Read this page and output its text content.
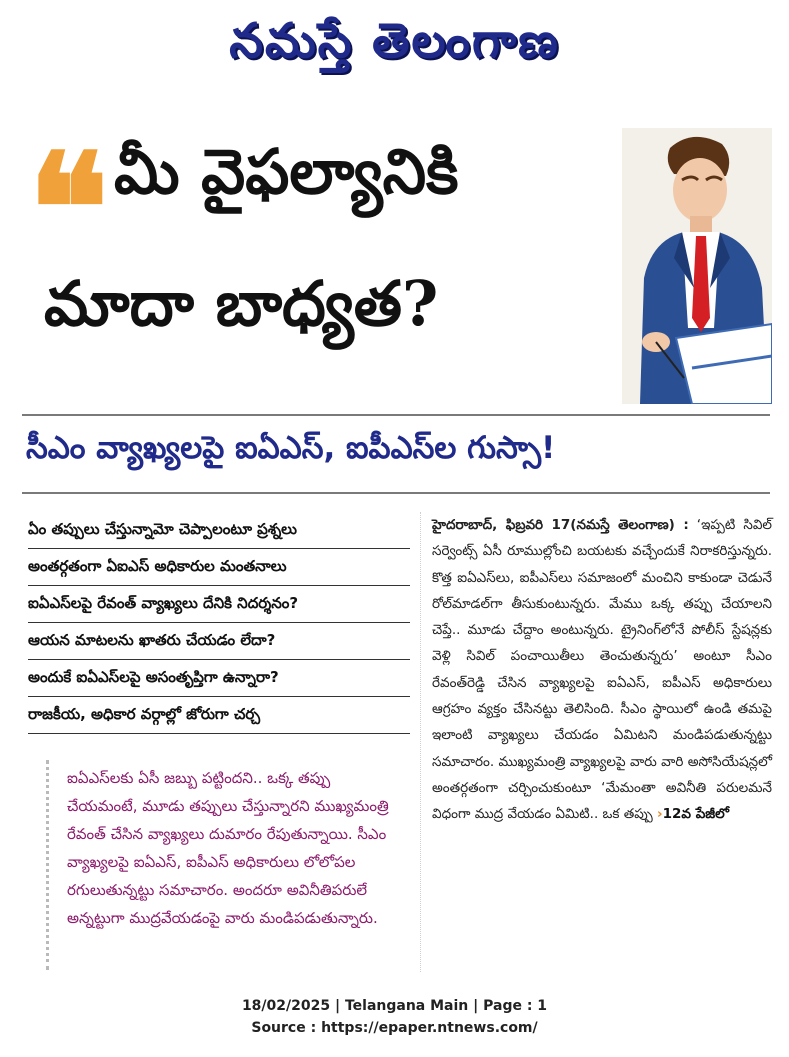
నమస్తే తెలంగాణ
❝ మీ వైఫల్యానికి
మాదా బాధ్యత?
సీఎం వ్యాఖ్యలపై ఐఏఎస్, ఐపీఎస్‌ల గుస్సా!
ఏం తప్పులు చేస్తున్నామో చెప్పాలంటూ ప్రశ్నలు
అంతర్గతంగా ఏఐఎస్ అధికారుల మంతనాలు
ఐఏఎస్‌లపై రేవంత్ వ్యాఖ్యలు దేనికి నిదర్శనం?
ఆయన మాటలను ఖాతరు చేయడం లేదా?
అందుకే ఐఏఎస్‌లపై అసంతృప్తిగా ఉన్నారా?
రాజకీయ, అధికార వర్గాల్లో జోరుగా చర్చ

ఐఏఎస్‌లకు ఏసీ జబ్బు పట్టిందని.. ఒక్క తప్పు చేయమంటే, మూడు తప్పులు చేస్తున్నారని ముఖ్యమంత్రి రేవంత్ చేసిన వ్యాఖ్యలు దుమారం రేపుతున్నాయి. సీఎం వ్యాఖ్యలపై ఐఏఎస్, ఐపీఎస్ అధికారులు లోలోపల రగులుతున్నట్టు సమాచారం. అందరూ అవినీతిపరులే అన్నట్టుగా ముద్రవేయడంపై వారు మండిపడుతున్నారు.

హైదరాబాద్, ఫిబ్రవరి 17(నమస్తే తెలంగాణ) : ‘ఇప్పటి సివిల్ సర్వెంట్స్ ఏసీ రూముల్లోంచి బయటకు వచ్చేందుకే నిరాకరిస్తున్నరు. కొత్త ఐఏఎస్‌లు, ఐపీఎస్‌లు సమాజంలో మంచిని కాకుండా చెడునే రోల్‌మాడల్‌గా తీసుకుంటున్నరు. మేము ఒక్క తప్పు చేయాలని చెప్తే.. మూడు చేద్దాం అంటున్నరు. ట్రైనింగ్‌లోనే పోలీస్ స్టేషన్లకు వెళ్లి సివిల్ పంచాయితీలు తెంచుతున్నరు’ అంటూ సీఎం రేవంత్‌రెడ్డి చేసిన వ్యాఖ్యలపై ఐఏఎస్, ఐపీఎస్ అధికారులు ఆగ్రహం వ్యక్తం చేసినట్టు తెలిసింది. సీఎం స్థాయిలో ఉండి తమపై ఇలాంటి వ్యాఖ్యలు చేయడం ఏమిటని మండిపడుతున్నట్టు సమాచారం. ముఖ్యమంత్రి వ్యాఖ్యలపై వారు వారి అసోసియేషన్లలో అంతర్గతంగా చర్చించుకుంటూ ‘మేమంతా అవినీతి పరులమనే విధంగా ముద్ర వేయడం ఏమిటి.. ఒక తప్పు ›12వ పేజీలో

18/02/2025 | Telangana Main | Page : 1
Source : https://epaper.ntnews.com/
